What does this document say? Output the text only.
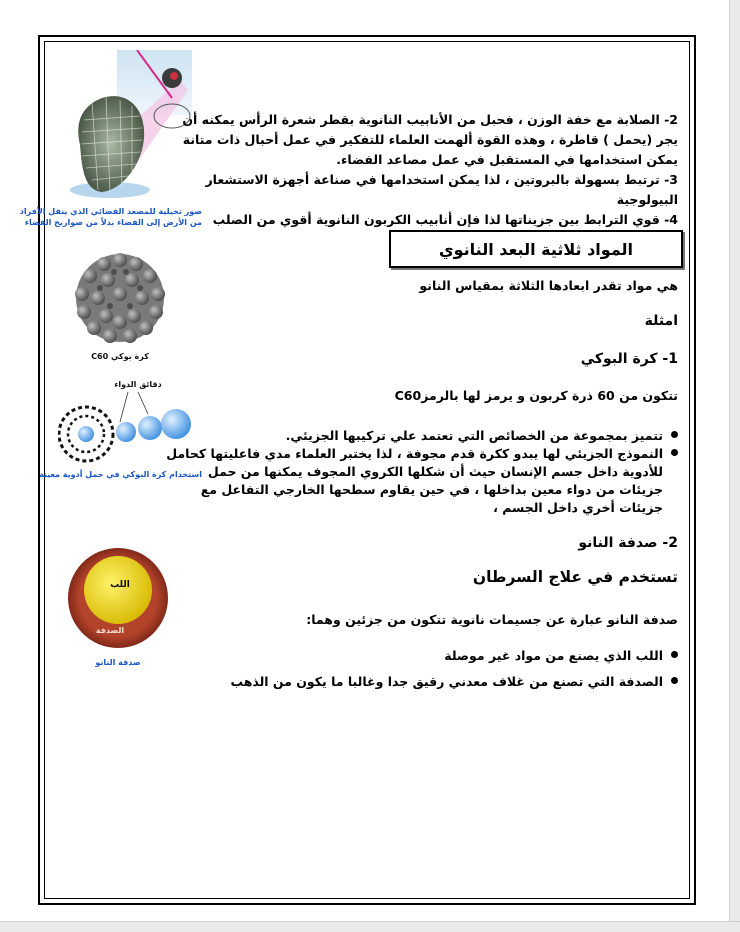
صور تخيلية للمصعد الفضائي الذي ينقل الأفراد
من الأرض إلى الفضاء بدلاً من صواريخ الفضاء
كرة بوكي C60
دقائق الدواء
استخدام كرة البوكي في حمل أدوية معينة
اللب
الصدفة
صدفة النانو

2- الصلابة مع خفة الوزن ، فحبل من الأنابيب النانوية بقطر شعرة الرأس يمكنه أن

يجر (يحمل ) قاطرة ، وهذه القوة ألهمت العلماء للتفكير في عمل أحبال ذات متانة

يمكن استخدامها في المستقبل في عمل مصاعد الفضاء.

3- ترتبط بسهولة بالبروتين ، لذا يمكن استخدامها في صناعة أجهزة الاستشعار

البيولوجية

4- قوي الترابط بين جزيناتها لذا فإن أنابيب الكربون النانوية أقوي من الصلب

المواد ثلاثية البعد النانوي

هي مواد تقدر ابعادها الثلاثة بمقياس النانو

امثلة

1- كرة البوكي

تتكون من 60 ذرة كربون و يرمز لها بالرمزC60

تتميز بمجموعة من الخصائص التي تعتمد علي تركيبها الجزيئي.
النموذج الجزيئي لها يبدو ككرة قدم مجوفة ، لذا يختبر العلماء مدي فاعليتها كحامل

للأدوية داخل جسم الإنسان حيث أن شكلها الكروي المجوف يمكنها من حمل

جزيئات من دواء معين بداخلها ، في حين يقاوم سطحها الخارجي التفاعل مع

جزيئات أخري داخل الجسم ،

2- صدفة النانو

تستخدم في علاج السرطان

صدفة النانو عبارة عن جسيمات نانوية تتكون من جزئين وهما:

اللب الذي يصنع من مواد غير موصلة
الصدفة التي تصنع من غلاف معدني رقيق جدا وغالبا ما يكون من الذهب
